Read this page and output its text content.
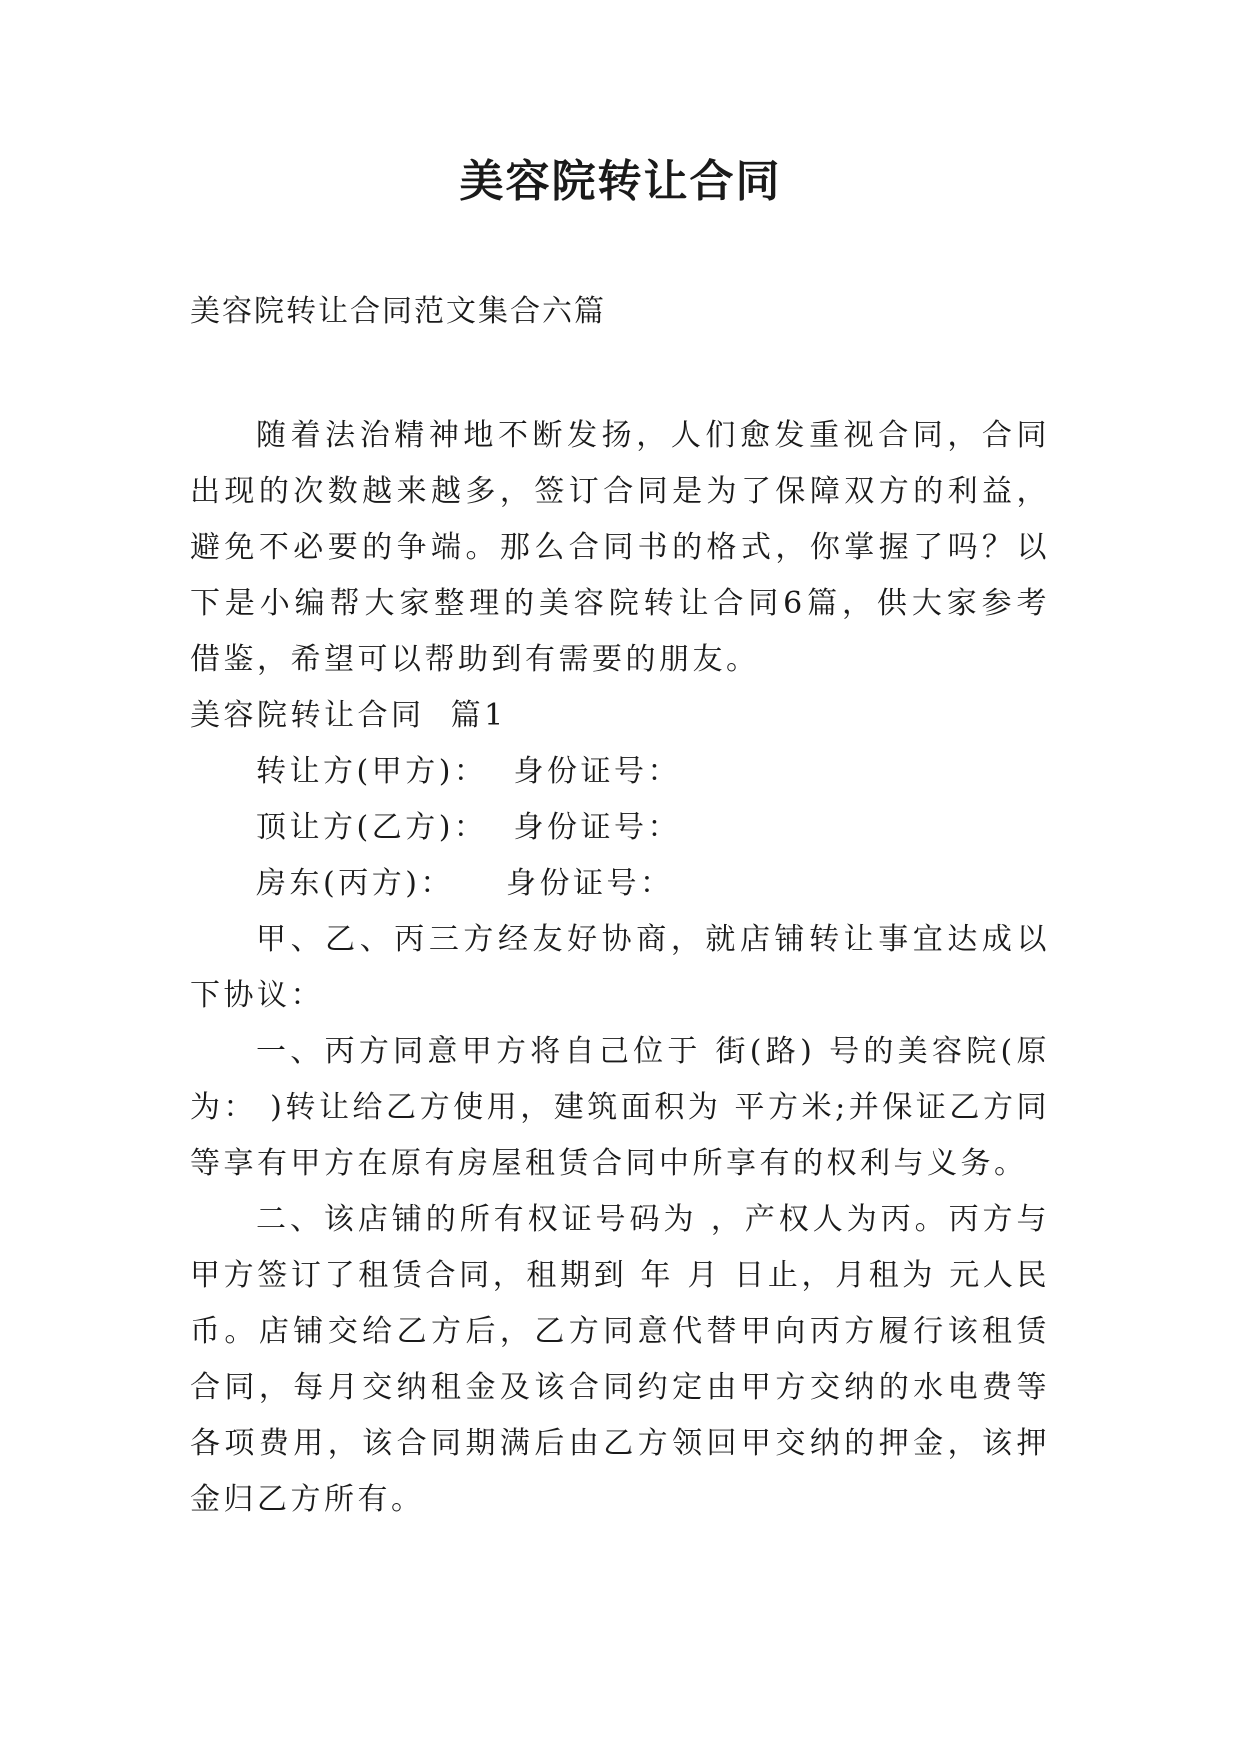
美容院转让合同

美容院转让合同范文集合六篇

随着法治精神地不断发扬，人们愈发重视合同，合同出现的次数越来越多，签订合同是为了保障双方的利益，避免不必要的争端。那么合同书的格式，你掌握了吗？以下是小编帮大家整理的美容院转让合同6篇，供大家参考借鉴，希望可以帮助到有需要的朋友。

美容院转让合同  篇1

转让方(甲方)：  身份证号：

顶让方(乙方)：  身份证号：

房东(丙方)：    身份证号：

甲、乙、丙三方经友好协商，就店铺转让事宜达成以下协议：

一、丙方同意甲方将自己位于 街(路) 号的美容院(原为： )转让给乙方使用，建筑面积为 平方米;并保证乙方同等享有甲方在原有房屋租赁合同中所享有的权利与义务。

二、该店铺的所有权证号码为 ，产权人为丙。丙方与甲方签订了租赁合同，租期到 年 月 日止，月租为 元人民币。店铺交给乙方后，乙方同意代替甲向丙方履行该租赁合同，每月交纳租金及该合同约定由甲方交纳的水电费等各项费用，该合同期满后由乙方领回甲交纳的押金，该押金归乙方所有。
